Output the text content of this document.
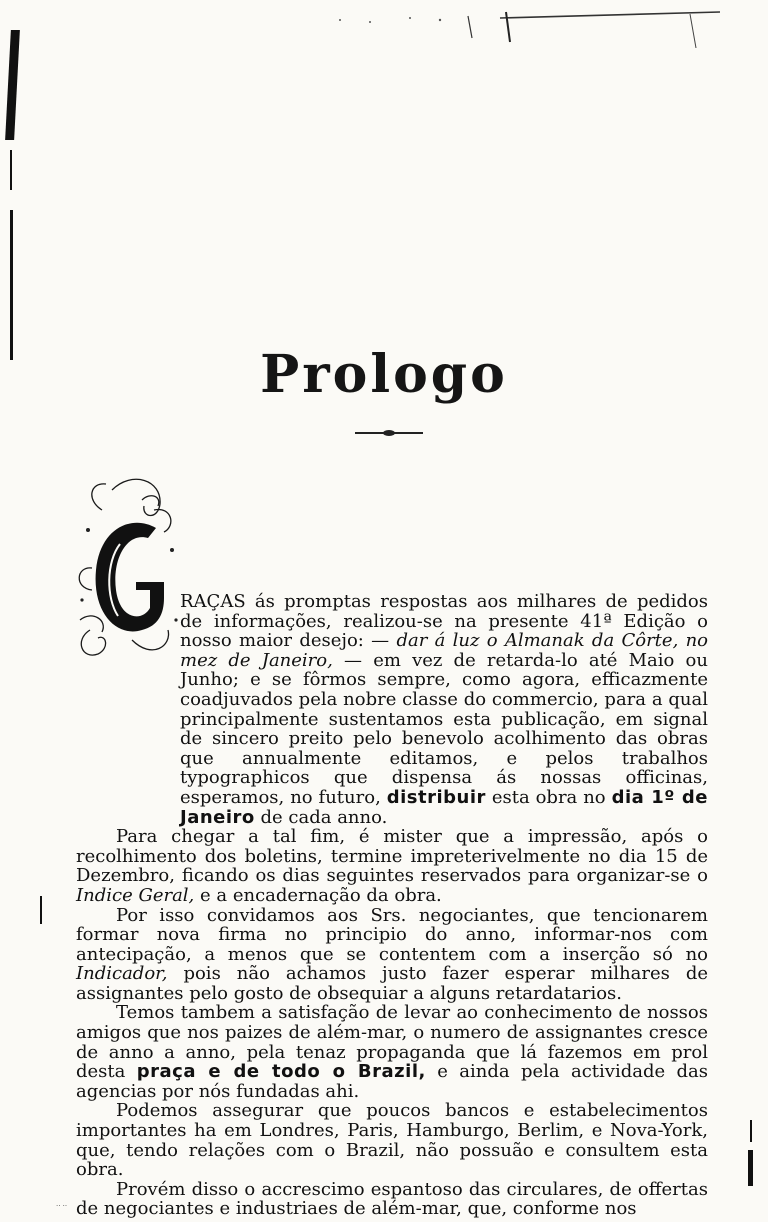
Prologo

RAÇAS ás promptas respostas aos milhares de pedidos de informações, realizou-se na presente 41ª Edição o nosso maior desejo: — dar á luz o Almanak da Côrte, no mez de Janeiro, — em vez de retarda-lo até Maio ou Junho; e se fôrmos sempre, como agora, efficazmente coadjuvados pela nobre classe do commercio, para a qual principalmente sustentamos esta publicação, em signal de sincero preito pelo benevolo acolhimento das obras que annualmente editamos, e pelos trabalhos typographicos que dispensa ás nossas officinas, esperamos, no futuro, distribuir esta obra no dia 1º de Janeiro de cada anno.

Para chegar a tal fim, é mister que a impressão, após o recolhimento dos boletins, termine impreterivelmente no dia 15 de Dezembro, ficando os dias seguintes reservados para organizar-se o Indice Geral, e a encadernação da obra.

Por isso convidamos aos Srs. negociantes, que tencionarem formar nova firma no principio do anno, informar-nos com antecipação, a menos que se contentem com a inserção só no Indicador, pois não achamos justo fazer esperar milhares de assignantes pelo gosto de obsequiar a alguns retardatarios.

Temos tambem a satisfação de levar ao conhecimento de nossos amigos que nos paizes de além-mar, o numero de assignantes cresce de anno a anno, pela tenaz propaganda que lá fazemos em prol desta praça e de todo o Brazil, e ainda pela actividade das agencias por nós fundadas ahi.

Podemos assegurar que poucos bancos e estabelecimentos importantes ha em Londres, Paris, Hamburgo, Berlim, e Nova-York, que, tendo relações com o Brazil, não possuão e consultem esta obra.

Provém disso o accrescimo espantoso das circulares, de offertas de negociantes e industriaes de além-mar, que, conforme nos

·· ··
